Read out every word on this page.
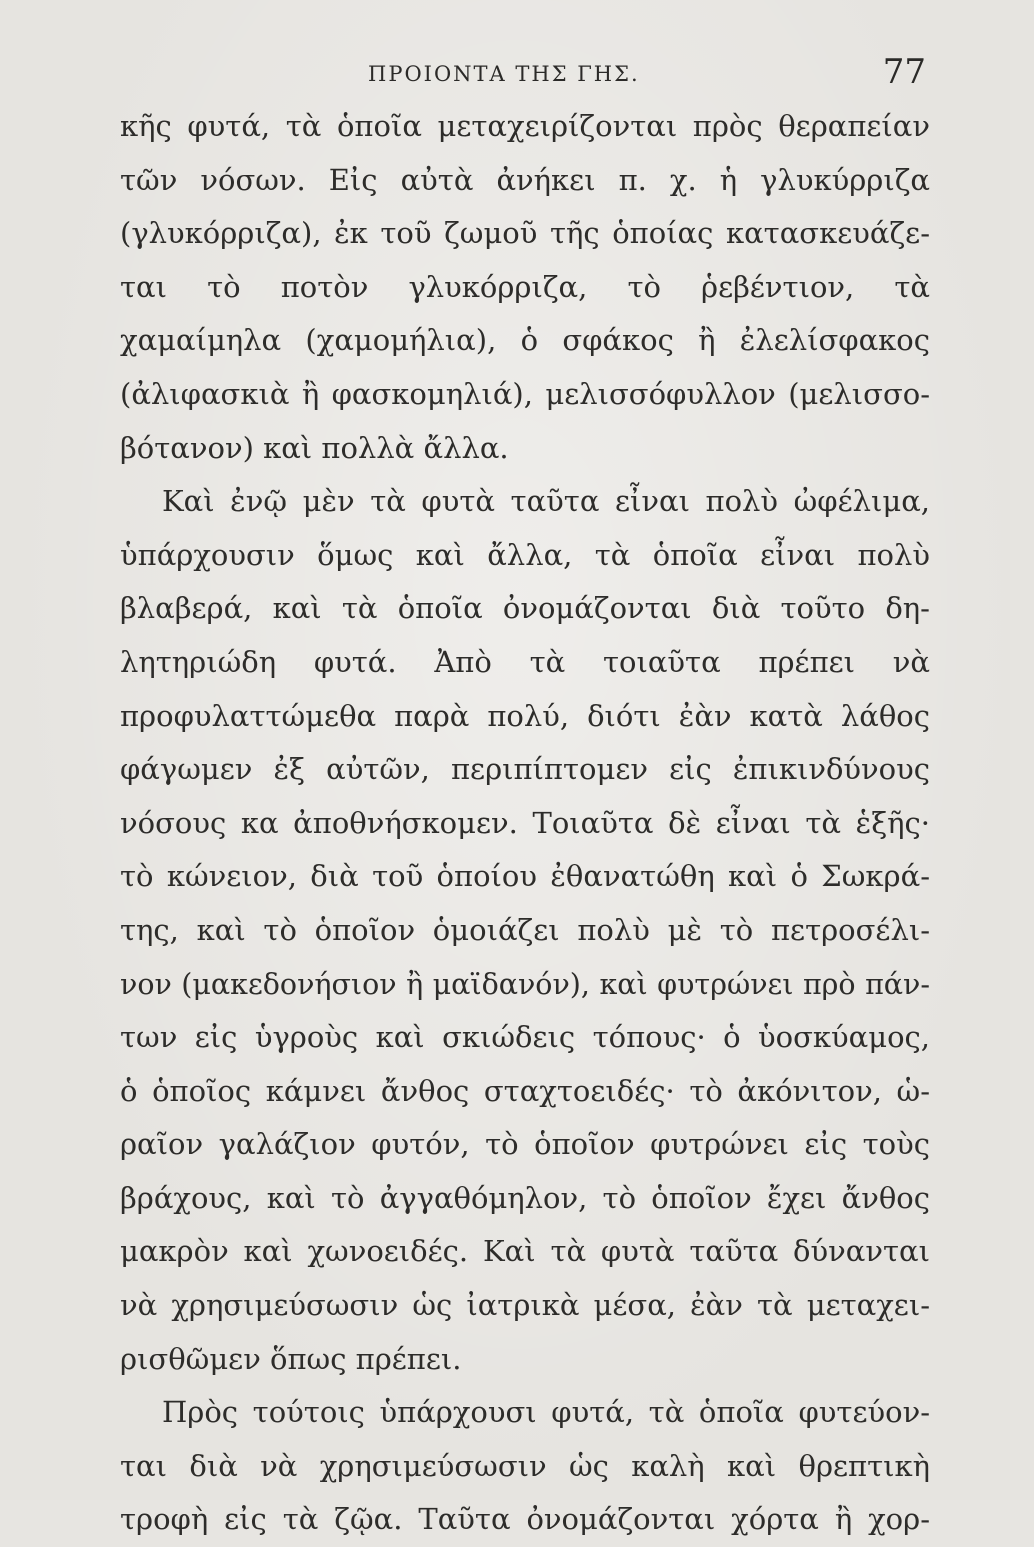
ΠΡΟΙΟΝΤΑ ΤΗΣ ΓΗΣ.	77
κῆς φυτά, τὰ ὁποῖα μεταχειρίζονται πρὸς θεραπείαν
τῶν νόσων. Εἰς αὐτὰ ἀνήκει π. χ. ἡ γλυκύρριζα
(γλυκόρριζα), ἐκ τοῦ ζωμοῦ τῆς ὁποίας κατασκευάζε-
ται τὸ ποτὸν γλυκόρριζα, τὸ ῥεβέντιον, τὰ
χαμαίμηλα (χαμομήλια), ὁ σφάκος ἢ ἐλελίσφακος
(ἀλιφασκιὰ ἢ φασκομηλιά), μελισσόφυλλον (μελισσο-
βότανον) καὶ πολλὰ ἄλλα.
Καὶ ἐνῷ μὲν τὰ φυτὰ ταῦτα εἶναι πολὺ ὠφέλιμα,
ὑπάρχουσιν ὅμως καὶ ἄλλα, τὰ ὁποῖα εἶναι πολὺ
βλαβερά, καὶ τὰ ὁποῖα ὀνομάζονται διὰ τοῦτο δη-
λητηριώδη φυτά. Ἀπὸ τὰ τοιαῦτα πρέπει νὰ
προφυλαττώμεθα παρὰ πολύ, διότι ἐὰν κατὰ λάθος
φάγωμεν ἐξ αὐτῶν, περιπίπτομεν εἰς ἐπικινδύνους
νόσους κα ἀποθνήσκομεν. Τοιαῦτα δὲ εἶναι τὰ ἑξῆς·
τὸ κώνειον, διὰ τοῦ ὁποίου ἐθανατώθη καὶ ὁ Σωκρά-
της, καὶ τὸ ὁποῖον ὁμοιάζει πολὺ μὲ τὸ πετροσέλι-
νον (μακεδονήσιον ἢ μαϊδανόν), καὶ φυτρώνει πρὸ πάν-
των εἰς ὑγροὺς καὶ σκιώδεις τόπους· ὁ ὑοσκύαμος,
ὁ ὁποῖος κάμνει ἄνθος σταχτοειδές· τὸ ἀκόνιτον, ὡ-
ραῖον γαλάζιον φυτόν, τὸ ὁποῖον φυτρώνει εἰς τοὺς
βράχους, καὶ τὸ ἀγγαθόμηλον, τὸ ὁποῖον ἔχει ἄνθος
μακρὸν καὶ χωνοειδές. Καὶ τὰ φυτὰ ταῦτα δύνανται
νὰ χρησιμεύσωσιν ὡς ἰατρικὰ μέσα, ἐὰν τὰ μεταχει-
ρισθῶμεν ὅπως πρέπει.
Πρὸς τούτοις ὑπάρχουσι φυτά, τὰ ὁποῖα φυτεύον-
ται διὰ νὰ χρησιμεύσωσιν ὡς καλὴ καὶ θρεπτικὴ
τροφὴ εἰς τὰ ζῷα. Ταῦτα ὀνομάζονται χόρτα ἢ χορ-
